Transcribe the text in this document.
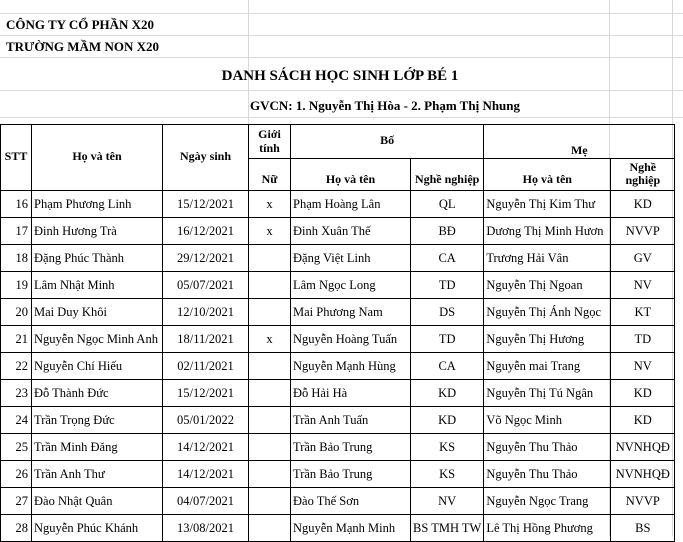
CÔNG TY CỔ PHẦN X20
TRƯỜNG MẦM NON X20
DANH SÁCH HỌC SINH LỚP BÉ 1
GVCN: 1. Nguyễn Thị Hòa - 2. Phạm Thị Nhung
STT	Họ và tên	Ngày sinh	Giới tính	Bố		Mẹ	
			Nữ	Họ và tên	Nghề nghiệp	Họ và tên	Nghề nghiệp
16	Phạm Phương Linh	15/12/2021	x	Phạm Hoàng Lân	QL	Nguyễn Thị Kim Thư	KD
17	Đinh Hương Trà	16/12/2021	x	Đinh Xuân Thế	BĐ	Dương Thị Minh Hươn	NVVP
18	Đặng Phúc Thành	29/12/2021		Đặng Việt Linh	CA	Trương Hải Vân	GV
19	Lâm Nhật Minh	05/07/2021		Lâm Ngọc Long	TD	Nguyễn Thị Ngoan	NV
20	Mai Duy Khôi	12/10/2021		Mai Phương Nam	DS	Nguyễn Thị Ánh Ngọc	KT
21	Nguyễn Ngọc Minh Anh	18/11/2021	x	Nguyễn Hoàng Tuấn	TD	Nguyễn Thị Hương	TD
22	Nguyễn Chí Hiếu	02/11/2021		Nguyễn Mạnh Hùng	CA	Nguyễn mai Trang	NV
23	Đỗ Thành Đức	15/12/2021		Đỗ Hải Hà	KD	Nguyễn Thị Tú Ngân	KD
24	Trần Trọng Đức	05/01/2022		Trần Anh Tuấn	KD	Võ Ngọc Minh	KD
25	Trần Minh Đăng	14/12/2021		Trần Bảo Trung	KS	Nguyễn Thu Thảo	NVNHQĐ
26	Trần Anh Thư	14/12/2021		Trần Bảo Trung	KS	Nguyễn Thu Thảo	NVNHQĐ
27	Đào Nhật Quân	04/07/2021		Đào Thế Sơn	NV	Nguyễn Ngọc Trang	NVVP
28	Nguyễn Phúc Khánh	13/08/2021		Nguyễn Mạnh Minh	BS TMH TW	Lê Thị Hồng Phương	BS
